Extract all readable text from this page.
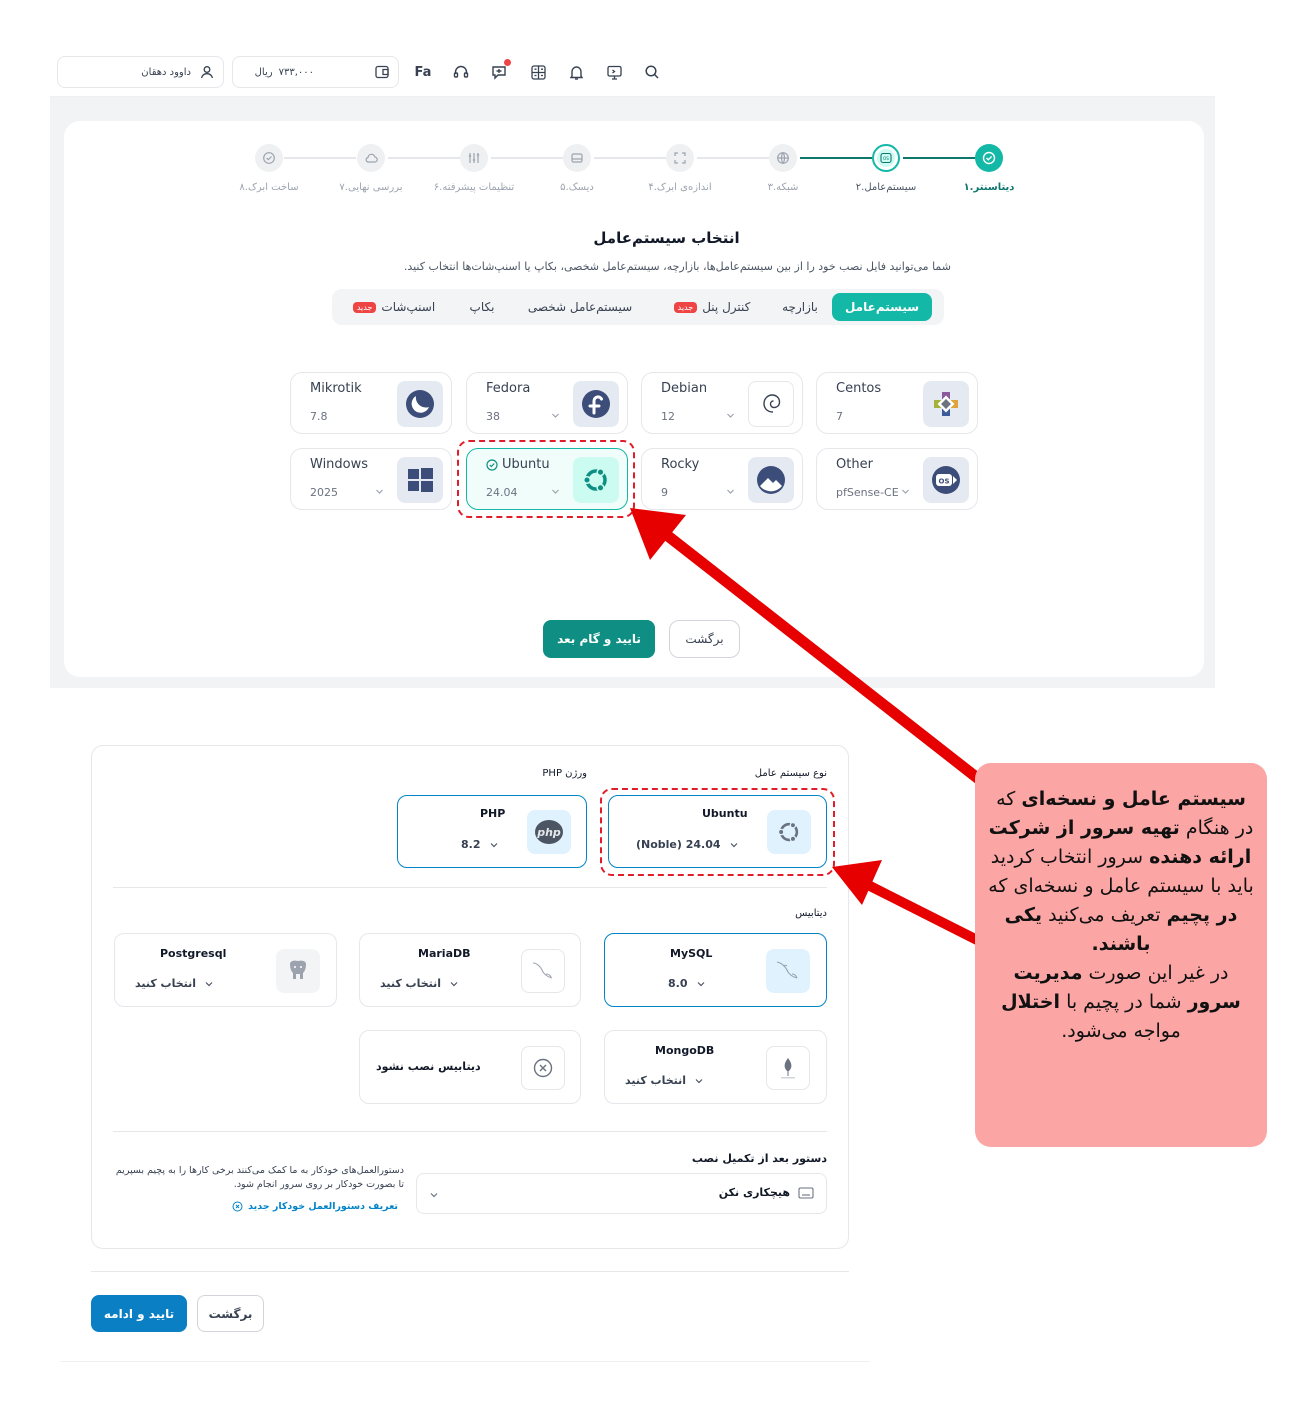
داوود دهقان	ریال ۷۳۳,۰۰۰	Fa
OS
۱.دیتاسنتر
۲.سیستم‌عامل
۳.شبکه
۴.اندازه‌ی ابرک
۵.دیسک
۶.تنظیمات پیشرفته
۷.بررسی نهایی
۸.ساخت ابرک
انتخاب سیستم‌عامل
شما می‌توانید فایل نصب خود را از بین سیستم‌عامل‌ها، بازارچه، سیستم‌عامل شخصی، بکاپ یا اسنپ‌شات‌ها انتخاب کنید.
سیستم‌عامل
بازارچه
کنترل پنل
جدید
سیستم‌عامل شخصی
بکاپ
اسنپ‌شات
جدید
Centos
7
Debian
12
Fedora
38
Mikrotik
7.8
Other
pfSense-CE
OS
Rocky
9
Ubuntu
24.04
Windows
2025
تایید و گام بعد	برگشت
نوع سیستم عامل
ورژن PHP
Ubuntu
(Noble) 24.04
PHP
8.2
php
دیتابیس
MySQL
8.0
MariaDB
انتخاب کنید
Postgresql
انتخاب کنید
MongoDB
انتخاب کنید
دیتابیس نصب نشود
دستور بعد از تکمیل نصب
هیچکاری نکن
دستورالعمل‌های خودکار به ما کمک می‌کنند برخی کارها را به پچیم بسپریم تا بصورت خودکار بر روی سرور انجام شود.
تعریف دستورالعمل خودکار جدید
تایید و ادامه	برگشت
سیستم عامل و نسخه‌ای که در هنگام تهیه سرور از شرکت ارائه دهنده سرور انتخاب کردید باید با سیستم عامل و نسخه‌ای که در پچیم تعریف می‌کنید یکی باشند.
در غیر این صورت مدیریت سرور شما در پچیم با اختلال مواجه می‌شود.
